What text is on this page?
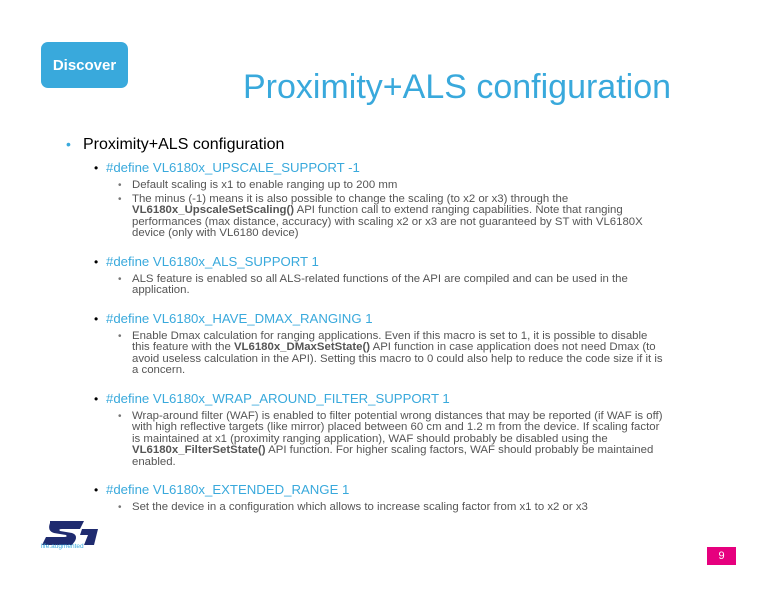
Discover
Proximity+ALS configuration
• Proximity+ALS configuration
• #define VL6180x_UPSCALE_SUPPORT -1
• Default scaling is x1 to enable ranging up to 200 mm
• The minus (-1) means it is also possible to change the scaling (to x2 or x3) through the VL6180x_UpscaleSetScaling() API function call to extend ranging capabilities. Note that ranging performances (max distance, accuracy) with scaling x2 or x3 are not guaranteed by ST with VL6180X device (only with VL6180 device)
• #define VL6180x_ALS_SUPPORT 1
• ALS feature is enabled so all ALS-related functions of the API are compiled and can be used in the application.
• #define VL6180x_HAVE_DMAX_RANGING 1
• Enable Dmax calculation for ranging applications. Even if this macro is set to 1, it is possible to disable this feature with the VL6180x_DMaxSetState() API function in case application does not need Dmax (to avoid useless calculation in the API). Setting this macro to 0 could also help to reduce the code size if it is a concern.
• #define VL6180x_WRAP_AROUND_FILTER_SUPPORT 1
• Wrap-around filter (WAF) is enabled to filter potential wrong distances that may be reported (if WAF is off) with high reflective targets (like mirror) placed between 60 cm and 1.2 m from the device. If scaling factor is maintained at x1 (proximity ranging application), WAF should probably be disabled using the VL6180x_FilterSetState() API function. For higher scaling factors, WAF should probably be maintained enabled.
• #define VL6180x_EXTENDED_RANGE 1
• Set the device in a configuration which allows to increase scaling factor from x1 to x2 or x3
life.augmented
9
